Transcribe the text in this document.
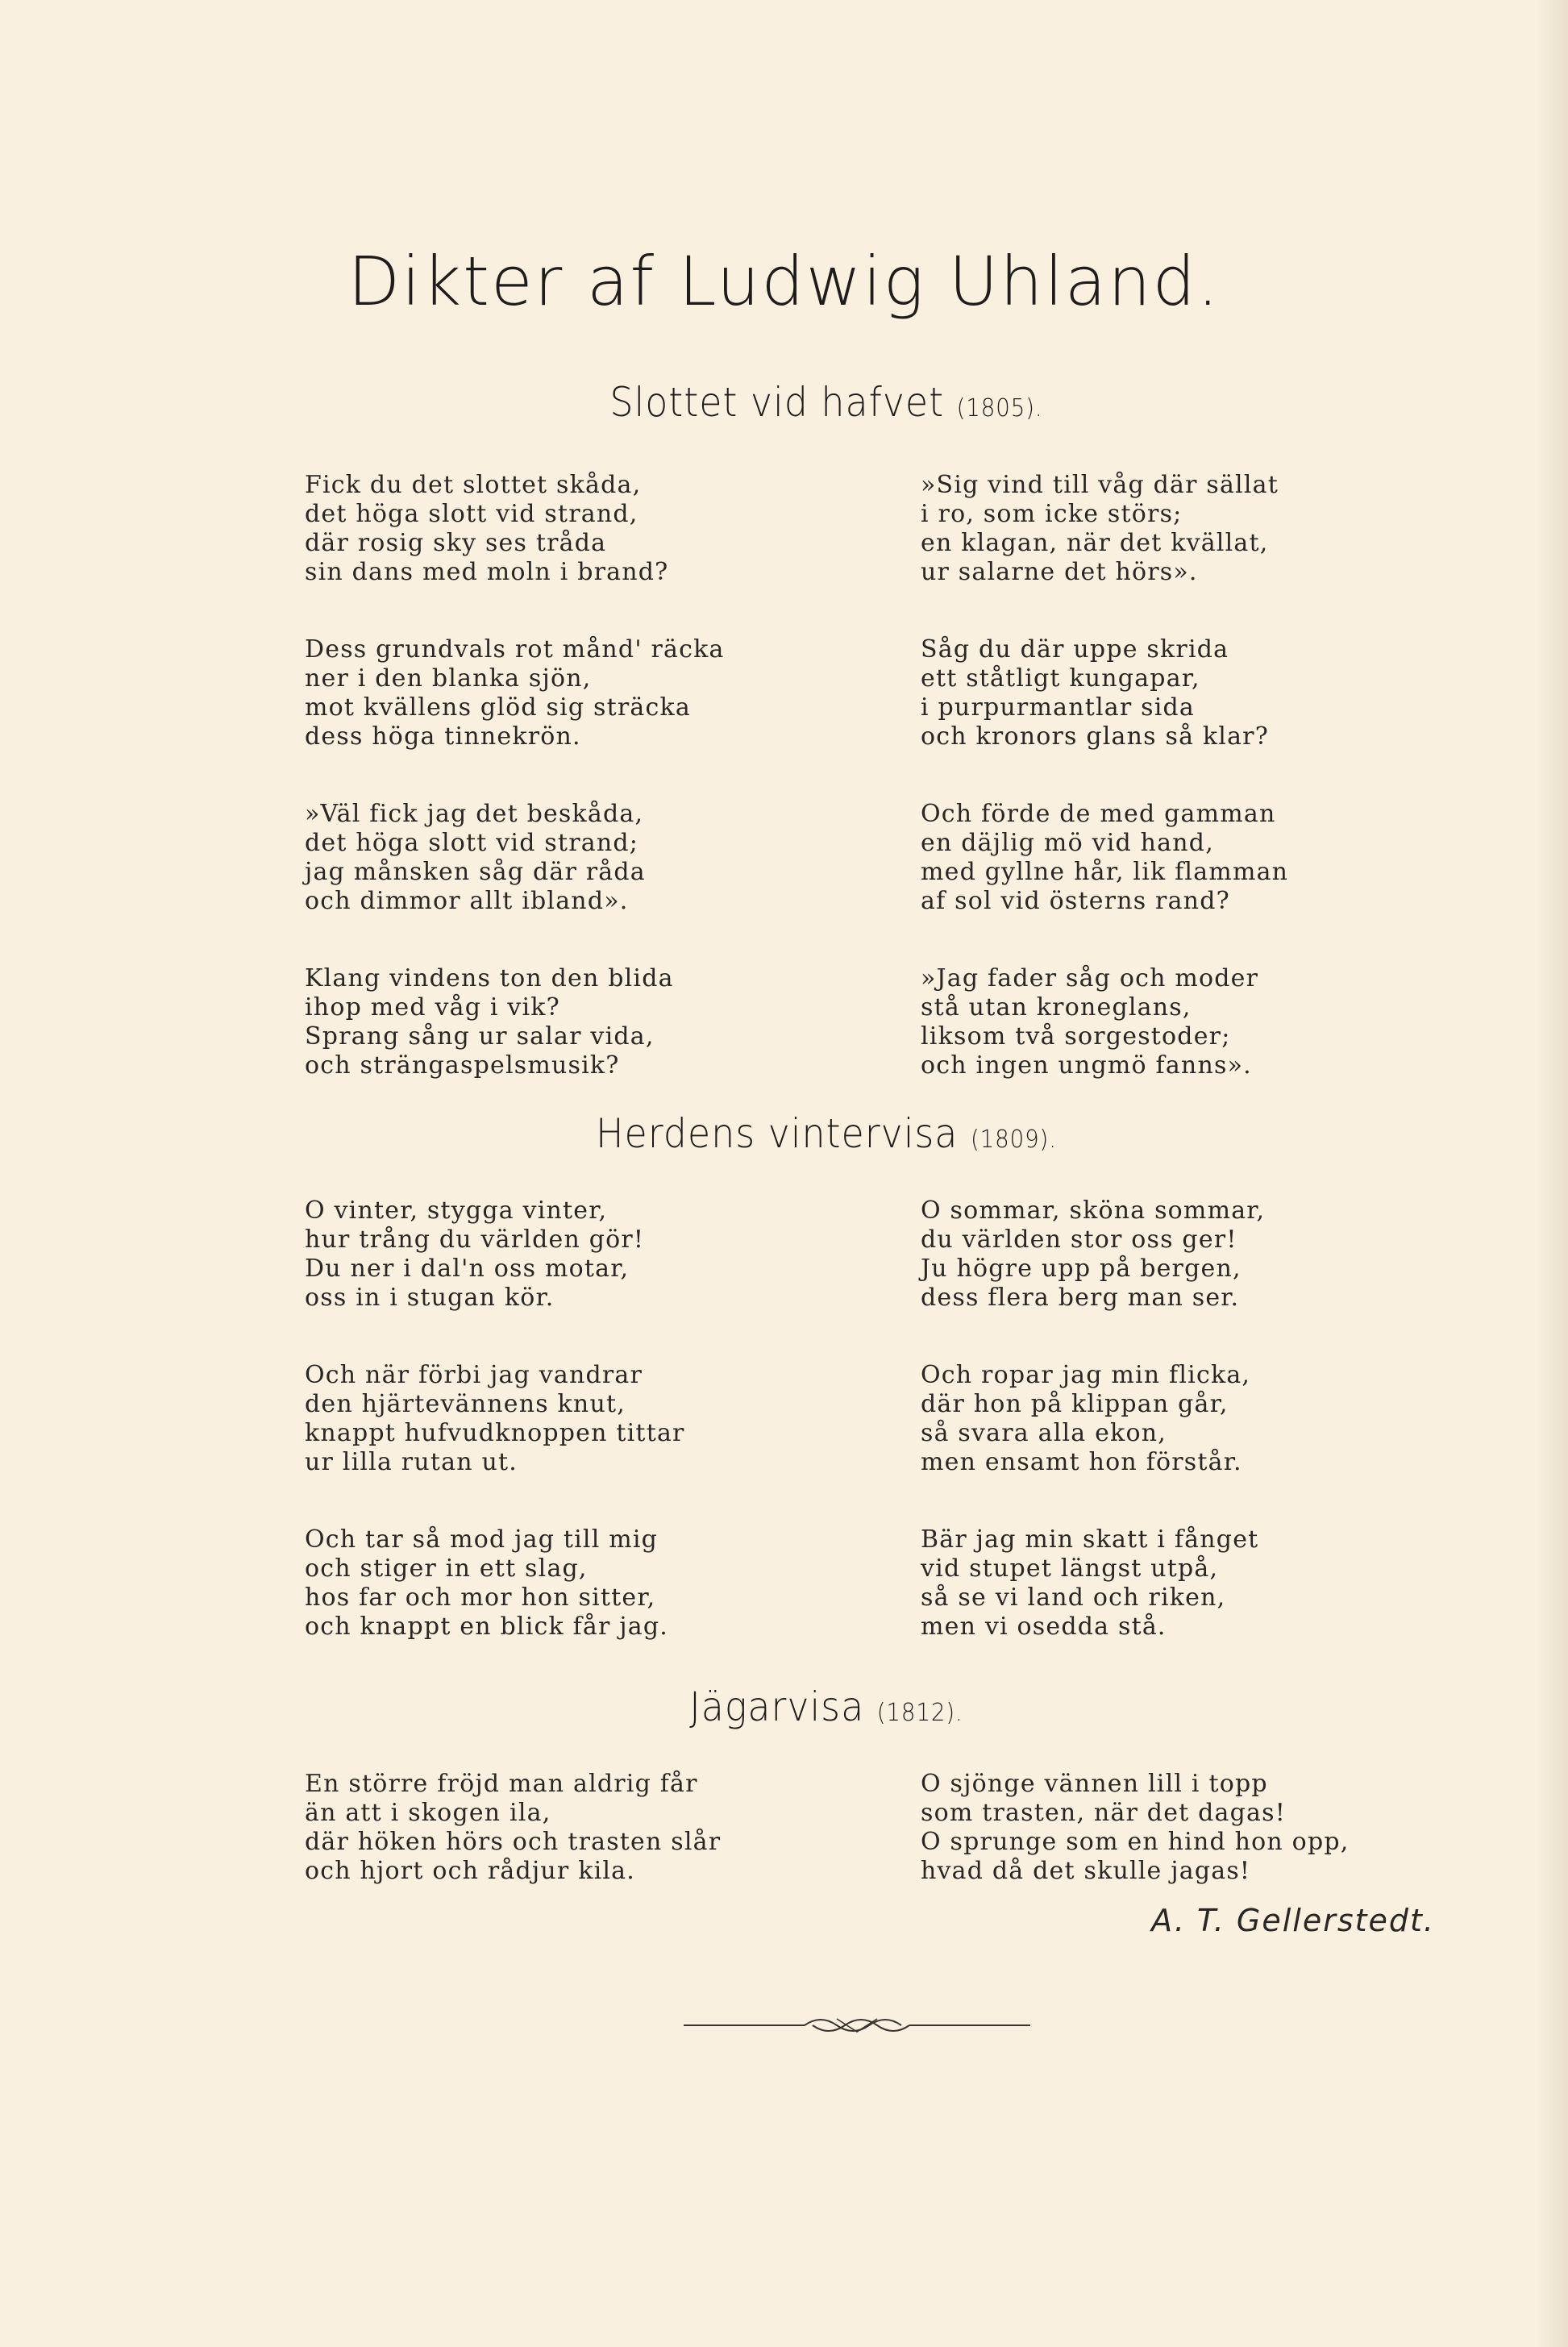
Dikter af Ludwig Uhland.
Slottet vid hafvet (1805).
Fick du det slottet skåda,
det höga slott vid strand,
där rosig sky ses tråda
sin dans med moln i brand?
Dess grundvals rot månd' räcka
ner i den blanka sjön,
mot kvällens glöd sig sträcka
dess höga tinnekrön.
»Väl fick jag det beskåda,
det höga slott vid strand;
jag månsken såg där råda
och dimmor allt ibland».
Klang vindens ton den blida
ihop med våg i vik?
Sprang sång ur salar vida,
och strängaspelsmusik?
»Sig vind till våg där sällat
i ro, som icke störs;
en klagan, när det kvällat,
ur salarne det hörs».
Såg du där uppe skrida
ett ståtligt kungapar,
i purpurmantlar sida
och kronors glans så klar?
Och förde de med gamman
en däjlig mö vid hand,
med gyllne hår, lik flamman
af sol vid österns rand?
»Jag fader såg och moder
stå utan kroneglans,
liksom två sorgestoder;
och ingen ungmö fanns».
Herdens vintervisa (1809).
O vinter, stygga vinter,
hur trång du världen gör!
Du ner i dal'n oss motar,
oss in i stugan kör.
Och när förbi jag vandrar
den hjärtevännens knut,
knappt hufvudknoppen tittar
ur lilla rutan ut.
Och tar så mod jag till mig
och stiger in ett slag,
hos far och mor hon sitter,
och knappt en blick får jag.
O sommar, sköna sommar,
du världen stor oss ger!
Ju högre upp på bergen,
dess flera berg man ser.
Och ropar jag min flicka,
där hon på klippan går,
så svara alla ekon,
men ensamt hon förstår.
Bär jag min skatt i fånget
vid stupet längst utpå,
så se vi land och riken,
men vi osedda stå.
Jägarvisa (1812).
En större fröjd man aldrig får
än att i skogen ila,
där höken hörs och trasten slår
och hjort och rådjur kila.
O sjönge vännen lill i topp
som trasten, när det dagas!
O sprunge som en hind hon opp,
hvad då det skulle jagas!
A. T. Gellerstedt.
